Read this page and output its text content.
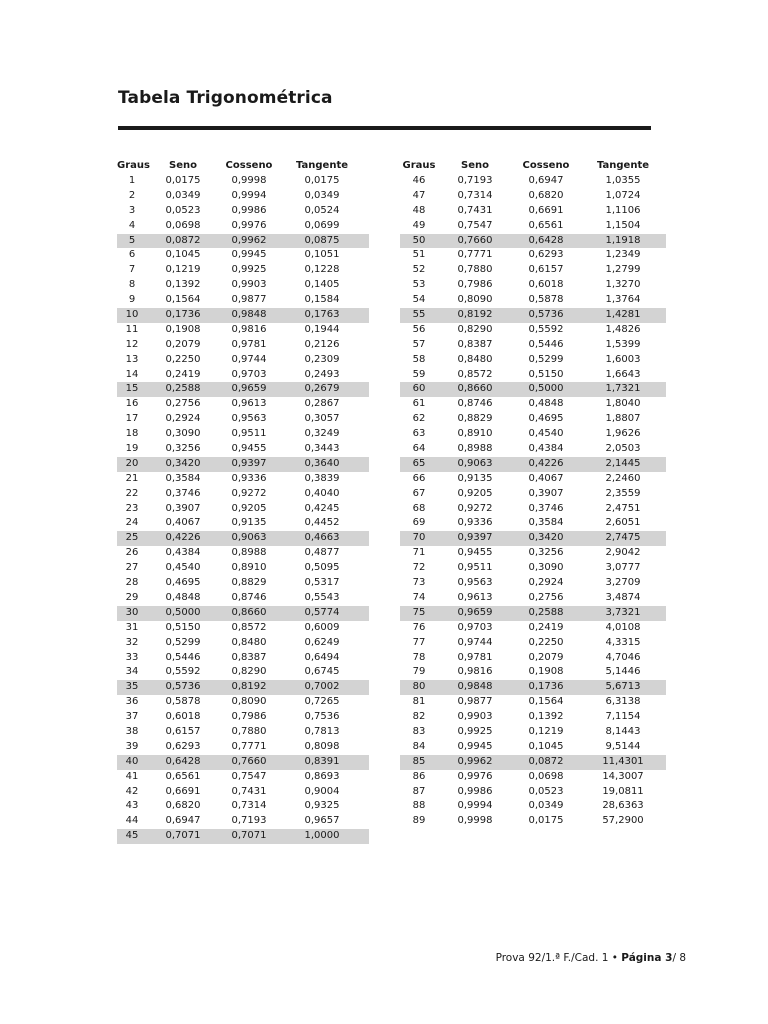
Tabela Trigonométrica
Graus	Seno	Cosseno	Tangente
1	0,0175	0,9998	0,0175
2	0,0349	0,9994	0,0349
3	0,0523	0,9986	0,0524
4	0,0698	0,9976	0,0699
5	0,0872	0,9962	0,0875
6	0,1045	0,9945	0,1051
7	0,1219	0,9925	0,1228
8	0,1392	0,9903	0,1405
9	0,1564	0,9877	0,1584
10	0,1736	0,9848	0,1763
11	0,1908	0,9816	0,1944
12	0,2079	0,9781	0,2126
13	0,2250	0,9744	0,2309
14	0,2419	0,9703	0,2493
15	0,2588	0,9659	0,2679
16	0,2756	0,9613	0,2867
17	0,2924	0,9563	0,3057
18	0,3090	0,9511	0,3249
19	0,3256	0,9455	0,3443
20	0,3420	0,9397	0,3640
21	0,3584	0,9336	0,3839
22	0,3746	0,9272	0,4040
23	0,3907	0,9205	0,4245
24	0,4067	0,9135	0,4452
25	0,4226	0,9063	0,4663
26	0,4384	0,8988	0,4877
27	0,4540	0,8910	0,5095
28	0,4695	0,8829	0,5317
29	0,4848	0,8746	0,5543
30	0,5000	0,8660	0,5774
31	0,5150	0,8572	0,6009
32	0,5299	0,8480	0,6249
33	0,5446	0,8387	0,6494
34	0,5592	0,8290	0,6745
35	0,5736	0,8192	0,7002
36	0,5878	0,8090	0,7265
37	0,6018	0,7986	0,7536
38	0,6157	0,7880	0,7813
39	0,6293	0,7771	0,8098
40	0,6428	0,7660	0,8391
41	0,6561	0,7547	0,8693
42	0,6691	0,7431	0,9004
43	0,6820	0,7314	0,9325
44	0,6947	0,7193	0,9657
45	0,7071	0,7071	1,0000
Graus	Seno	Cosseno	Tangente
46	0,7193	0,6947	1,0355
47	0,7314	0,6820	1,0724
48	0,7431	0,6691	1,1106
49	0,7547	0,6561	1,1504
50	0,7660	0,6428	1,1918
51	0,7771	0,6293	1,2349
52	0,7880	0,6157	1,2799
53	0,7986	0,6018	1,3270
54	0,8090	0,5878	1,3764
55	0,8192	0,5736	1,4281
56	0,8290	0,5592	1,4826
57	0,8387	0,5446	1,5399
58	0,8480	0,5299	1,6003
59	0,8572	0,5150	1,6643
60	0,8660	0,5000	1,7321
61	0,8746	0,4848	1,8040
62	0,8829	0,4695	1,8807
63	0,8910	0,4540	1,9626
64	0,8988	0,4384	2,0503
65	0,9063	0,4226	2,1445
66	0,9135	0,4067	2,2460
67	0,9205	0,3907	2,3559
68	0,9272	0,3746	2,4751
69	0,9336	0,3584	2,6051
70	0,9397	0,3420	2,7475
71	0,9455	0,3256	2,9042
72	0,9511	0,3090	3,0777
73	0,9563	0,2924	3,2709
74	0,9613	0,2756	3,4874
75	0,9659	0,2588	3,7321
76	0,9703	0,2419	4,0108
77	0,9744	0,2250	4,3315
78	0,9781	0,2079	4,7046
79	0,9816	0,1908	5,1446
80	0,9848	0,1736	5,6713
81	0,9877	0,1564	6,3138
82	0,9903	0,1392	7,1154
83	0,9925	0,1219	8,1443
84	0,9945	0,1045	9,5144
85	0,9962	0,0872	11,4301
86	0,9976	0,0698	14,3007
87	0,9986	0,0523	19,0811
88	0,9994	0,0349	28,6363
89	0,9998	0,0175	57,2900
Prova 92/1.ª F./Cad. 1 • Página 3/ 8
